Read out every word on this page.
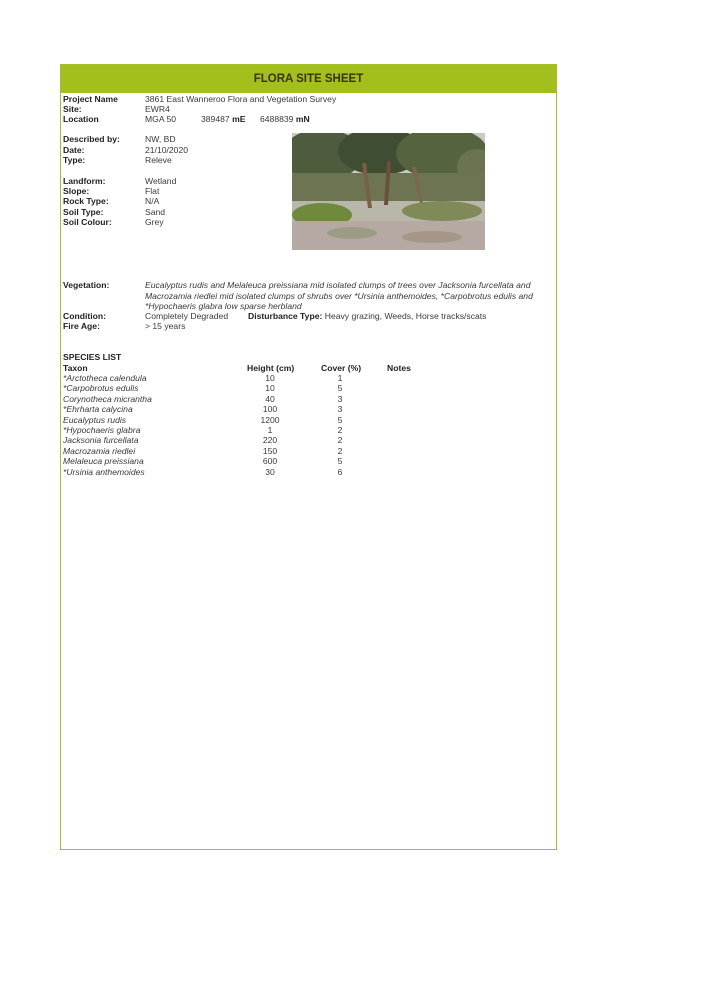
FLORA SITE SHEET
Project Name	3861 East Wanneroo Flora and Vegetation Survey
Site:	EWR4
Location	MGA 50	389487 mE 6488839 mN
Described by:	NW, BD
Date:	21/10/2020
Type:	Releve
Landform:	Wetland
Slope:	Flat
Rock Type:	N/A
Soil Type:	Sand
Soil Colour:	Grey
Vegetation:	Eucalyptus rudis and Melaleuca preissiana mid isolated clumps of trees over Jacksonia furcellata and
Macrozamia riedlei mid isolated clumps of shrubs over *Ursinia anthemoides, *Carpobrotus edulis and
*Hypochaeris glabra low sparse herbland
Condition:	Completely Degraded Disturbance Type: Heavy grazing, Weeds, Horse tracks/scats
Fire Age:	> 15 years
SPECIES LIST
Taxon	Height (cm)	Cover (%)	Notes
*Arctotheca calendula	10	1
*Carpobrotus edulis	10	5
Corynotheca micrantha	40	3
*Ehrharta calycina	100	3
Eucalyptus rudis	1200	5
*Hypochaeris glabra	1	2
Jacksonia furcellata	220	2
Macrozamia riedlei	150	2
Melaleuca preissiana	600	5
*Ursinia anthemoides	30	6
